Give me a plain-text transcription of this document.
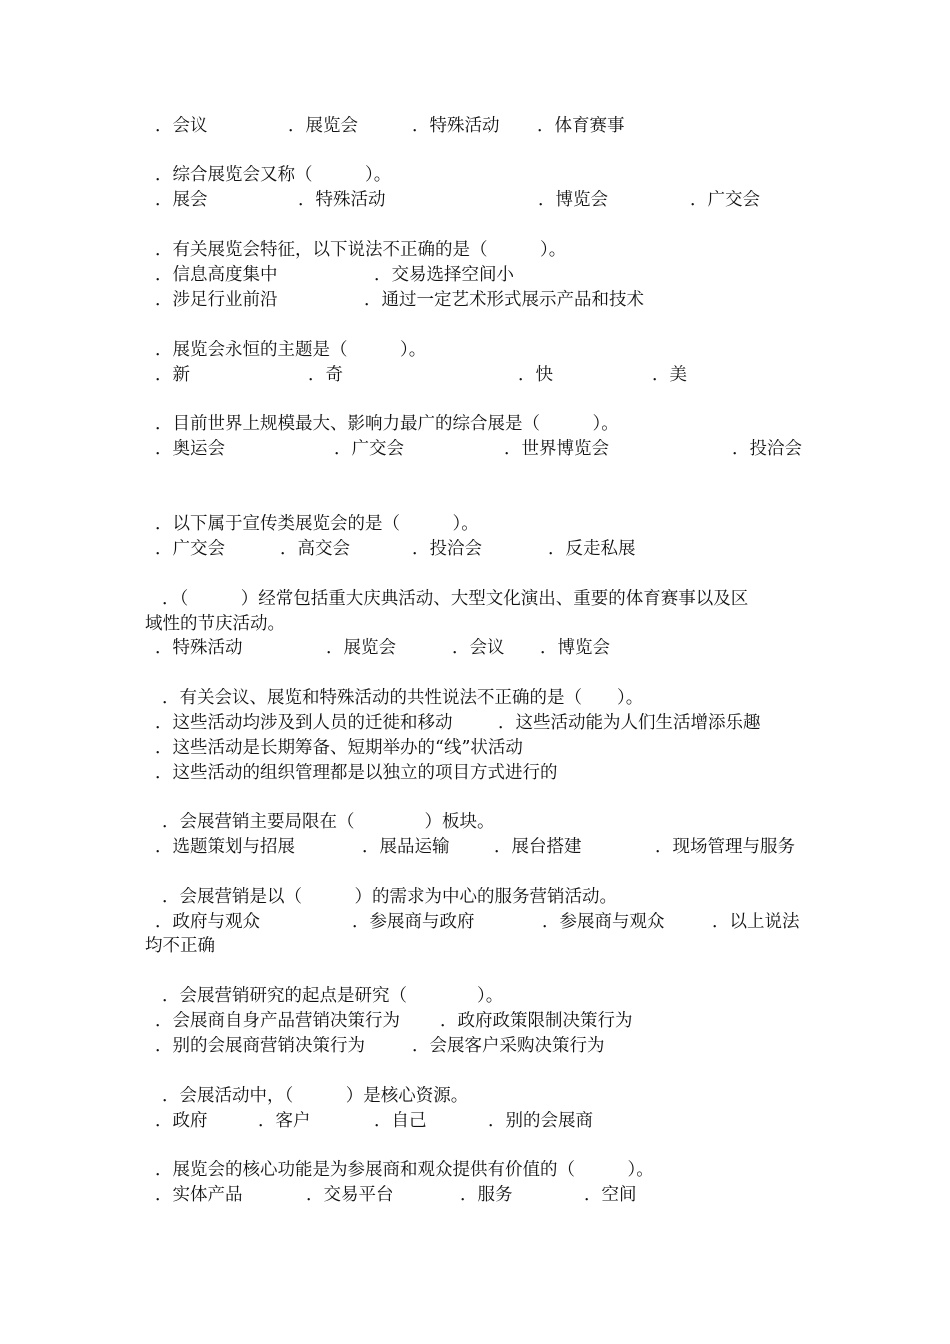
．会议	．展览会	．特殊活动 ．体育赛事
．综合展览会又称（　　　）。
．展会	．特殊活动	．博览会	．广交会
．有关展览会特征，以下说法不正确的是（　　　）。
．信息高度集中	．交易选择空间小
．涉足行业前沿	．通过一定艺术形式展示产品和技术
．展览会永恒的主题是（　　　）。
．新	．奇	．快	．美
．目前世界上规模最大、影响力最广的综合展是（　　　）。
．奥运会	．广交会	．世界博览会	．投洽会
．以下属于宣传类展览会的是（　　　）。
．广交会	．高交会	．投洽会	．反走私展
．（　　　）经常包括重大庆典活动、大型文化演出、重要的体育赛事以及区
域性的节庆活动。
．特殊活动	．展览会	．会议 ．博览会
．有关会议、展览和特殊活动的共性说法不正确的是（　　）。
．这些活动均涉及到人员的迁徙和移动	．这些活动能为人们生活增添乐趣
．这些活动是长期筹备、短期举办的“线”状活动
．这些活动的组织管理都是以独立的项目方式进行的
．会展营销主要局限在（　　　　）板块。
．选题策划与招展	．展品运输	．展台搭建	．现场管理与服务
．会展营销是以（　　　）的需求为中心的服务营销活动。
．政府与观众	．参展商与政府	．参展商与观众	．以上说法
均不正确
．会展营销研究的起点是研究（　　　　）。
．会展商自身产品营销决策行为 ．政府政策限制决策行为
．别的会展商营销决策行为	．会展客户采购决策行为
．会展活动中，（　　　）是核心资源。
．政府	．客户	．自己	．别的会展商
．展览会的核心功能是为参展商和观众提供有价值的（　　　）。
．实体产品	．交易平台	．服务	．空间
